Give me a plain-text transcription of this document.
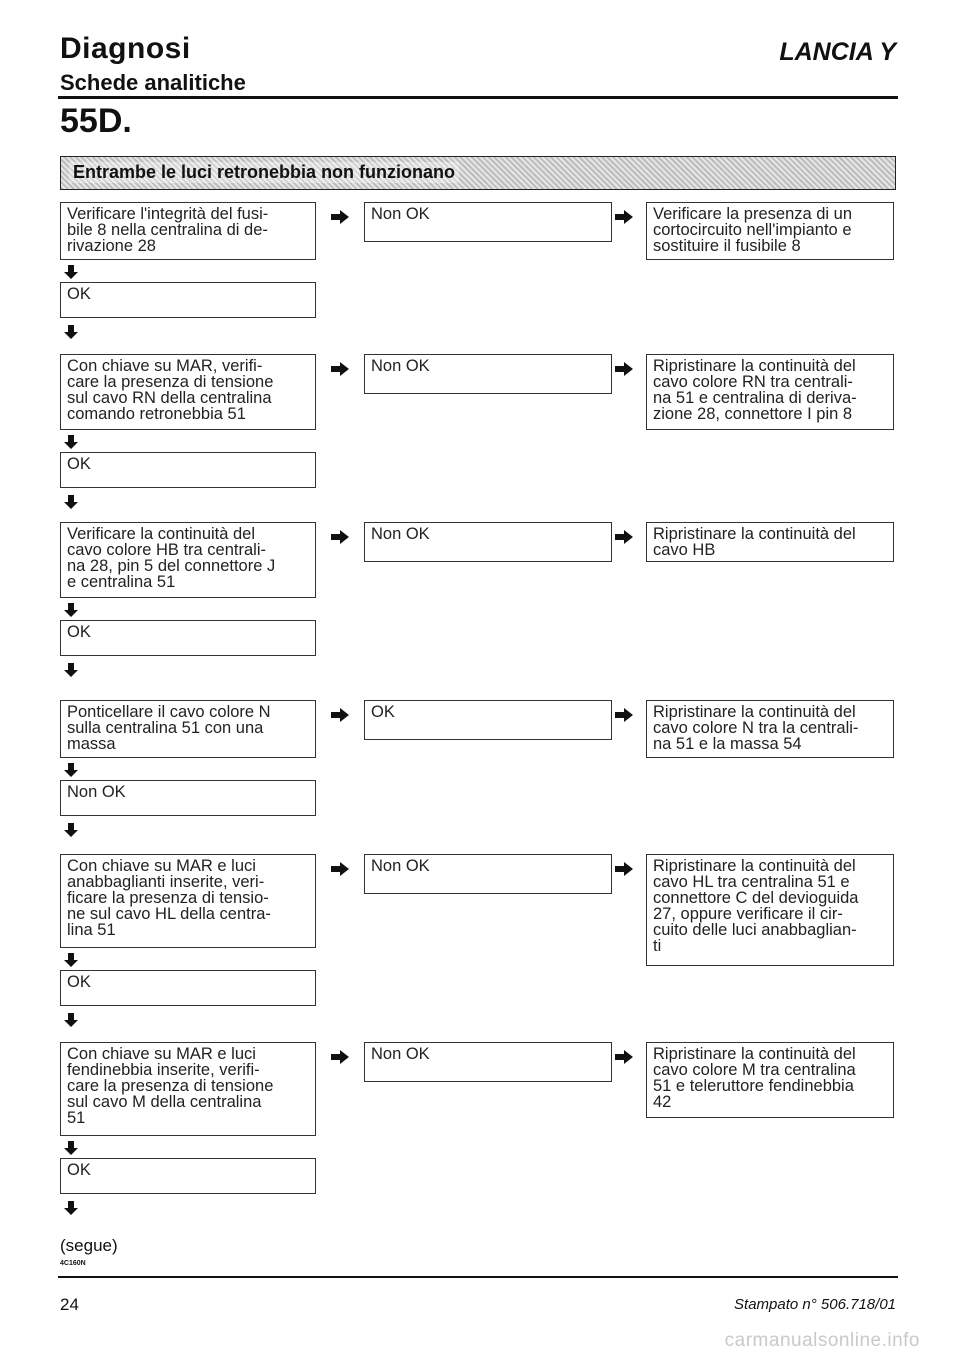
Diagnosi
Schede analitiche
LANCIA Y
55D.
Entrambe le luci retronebbia non funzionano
Verificare l'integrità del fusi-
bile 8 nella centralina di de-
rivazione 28
Non OK	Verificare la presenza di un
cortocircuito nell'impianto e
sostituire il fusibile 8
OK
Con chiave su MAR, verifi-
care la presenza di tensione
sul cavo RN della centralina
comando retronebbia 51
Non OK	Ripristinare la continuità del
cavo colore RN tra centrali-
na 51 e centralina di deriva-
zione 28, connettore I pin 8
OK
Verificare la continuità del
cavo colore HB tra centrali-
na 28, pin 5 del connettore J
e centralina 51
Non OK	Ripristinare la continuità del
cavo HB
OK
Ponticellare il cavo colore N
sulla centralina 51 con una
massa
OK	Ripristinare la continuità del
cavo colore N tra la centrali-
na 51 e la massa 54
Non OK
Con chiave su MAR e luci
anabbaglianti inserite, veri-
ficare la presenza di tensio-
ne sul cavo HL della centra-
lina 51
Non OK	Ripristinare la continuità del
cavo HL tra centralina 51 e
connettore C del devioguida
27, oppure verificare il cir-
cuito delle luci anabbaglian-
ti
OK
Con chiave su MAR e luci
fendinebbia inserite, verifi-
care la presenza di tensione
sul cavo M della centralina
51
Non OK	Ripristinare la continuità del
cavo colore M tra centralina
51 e teleruttore fendinebbia
42
OK
(segue)
4C160N
24	Stampato n° 506.718/01
carmanualsonline.info
